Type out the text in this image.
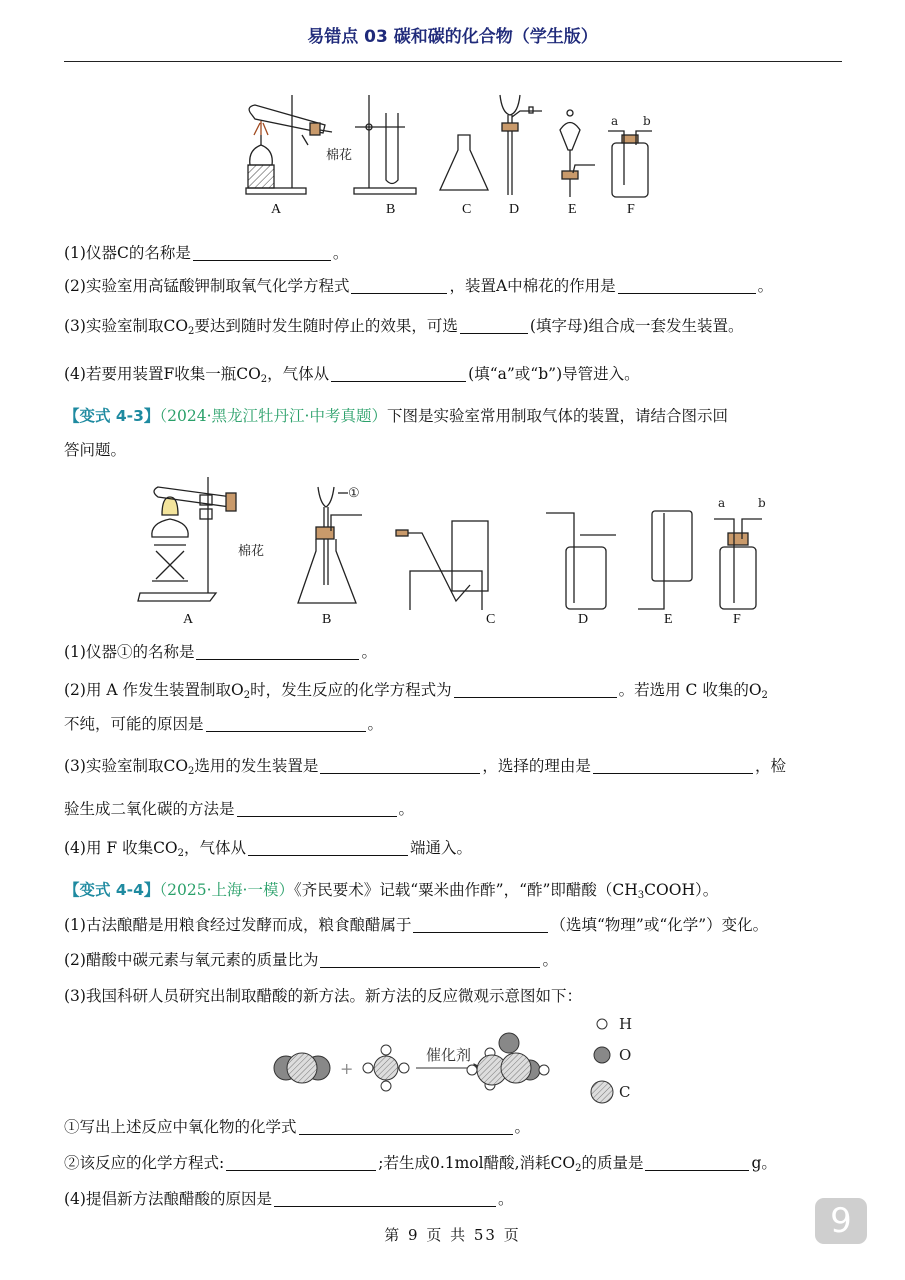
易错点 03 碳和碳的化合物（学生版）
棉花
a b
A	B	C	D	E	F
(1)仪器C的名称是	。
(2)实验室用高锰酸钾制取氧气化学方程式	，装置A中棉花的作用是	。
(3)实验室制取$CO_2$要达到随时发生随时停止的效果，可选	(填字母)组合成一套发生装置。
(4)若要用装置F收集一瓶$CO_2$，气体从	(填“a”或“b”)导管进入。
【变式 4-3】（2024·黑龙江牡丹江·中考真题）下图是实验室常用制取气体的装置，请结合图示回
答问题。
棉花
①
a	b
A	B	C	D	E	F
(1)仪器①的名称是	。
(2)用 A 作发生装置制取$O_2$时，发生反应的化学方程式为	。若选用 C 收集的$O_2$
不纯，可能的原因是	。
(3)实验室制取$CO_2$选用的发生装置是	，选择的理由是	，检
验生成二氧化碳的方法是	。
(4)用 F 收集$CO_2$，气体从	端通入。
【变式 4-4】（2025·上海·一模）《齐民要术》记载“粟米曲作酢”，“酢”即醋酸$(CH_3COOH)$。
(1)古法酿醋是用粮食经过发酵而成，粮食酿醋属于	（选填“物理”或“化学”）变化。
(2)醋酸中碳元素与氧元素的质量比为	。
(3)我国科研人员研究出制取醋酸的新方法。新方法的反应微观示意图如下：
+
催化剂
H
O
C
①写出上述反应中氧化物的化学式	。
②该反应的化学方程式:	;若生成0.1mol醋酸,消耗$CO_2$的质量是	g。
(4)提倡新方法酿醋酸的原因是	。
第 9 页 共 53 页	9
